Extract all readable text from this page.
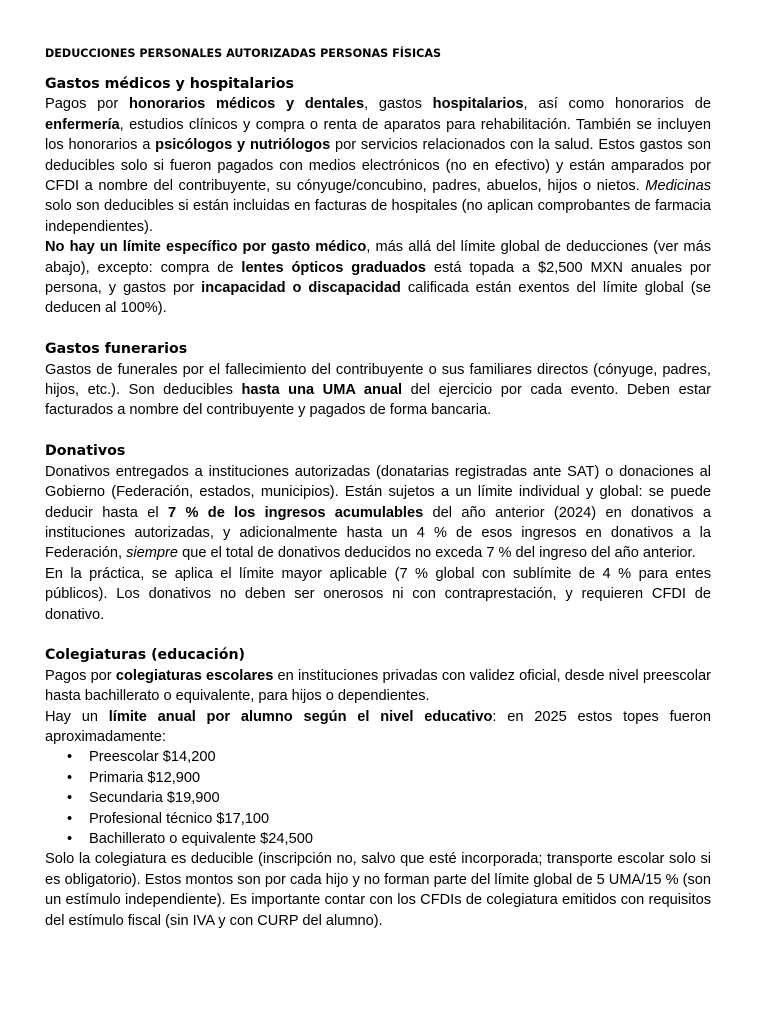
DEDUCCIONES PERSONALES AUTORIZADAS PERSONAS FÍSICAS
Gastos médicos y hospitalarios

Pagos por honorarios médicos y dentales, gastos hospitalarios, así como honorarios de enfermería, estudios clínicos y compra o renta de aparatos para rehabilitación. También se incluyen los honorarios a psicólogos y nutriólogos por servicios relacionados con la salud. Estos gastos son deducibles solo si fueron pagados con medios electrónicos (no en efectivo) y están amparados por CFDI a nombre del contribuyente, su cónyuge/concubino, padres, abuelos, hijos o nietos. Medicinas solo son deducibles si están incluidas en facturas de hospitales (no aplican comprobantes de farmacia independientes).

No hay un límite específico por gasto médico, más allá del límite global de deducciones (ver más abajo), excepto: compra de lentes ópticos graduados está topada a $2,500 MXN anuales por persona, y gastos por incapacidad o discapacidad calificada están exentos del límite global (se deducen al 100%).

Gastos funerarios

Gastos de funerales por el fallecimiento del contribuyente o sus familiares directos (cónyuge, padres, hijos, etc.). Son deducibles hasta una UMA anual del ejercicio por cada evento. Deben estar facturados a nombre del contribuyente y pagados de forma bancaria.

Donativos

Donativos entregados a instituciones autorizadas (donatarias registradas ante SAT) o donaciones al Gobierno (Federación, estados, municipios). Están sujetos a un límite individual y global: se puede deducir hasta el 7 % de los ingresos acumulables del año anterior (2024) en donativos a instituciones autorizadas, y adicionalmente hasta un 4 % de esos ingresos en donativos a la Federación, siempre que el total de donativos deducidos no exceda 7 % del ingreso del año anterior.

En la práctica, se aplica el límite mayor aplicable (7 % global con sublímite de 4 % para entes públicos). Los donativos no deben ser onerosos ni con contraprestación, y requieren CFDI de donativo.

Colegiaturas (educación)

Pagos por colegiaturas escolares en instituciones privadas con validez oficial, desde nivel preescolar hasta bachillerato o equivalente, para hijos o dependientes.

Hay un límite anual por alumno según el nivel educativo: en 2025 estos topes fueron aproximadamente:

• Preescolar $14,200
• Primaria $12,900
• Secundaria $19,900
• Profesional técnico $17,100
• Bachillerato o equivalente $24,500

Solo la colegiatura es deducible (inscripción no, salvo que esté incorporada; transporte escolar solo si es obligatorio). Estos montos son por cada hijo y no forman parte del límite global de 5 UMA/15 % (son un estímulo independiente). Es importante contar con los CFDIs de colegiatura emitidos con requisitos del estímulo fiscal (sin IVA y con CURP del alumno).
